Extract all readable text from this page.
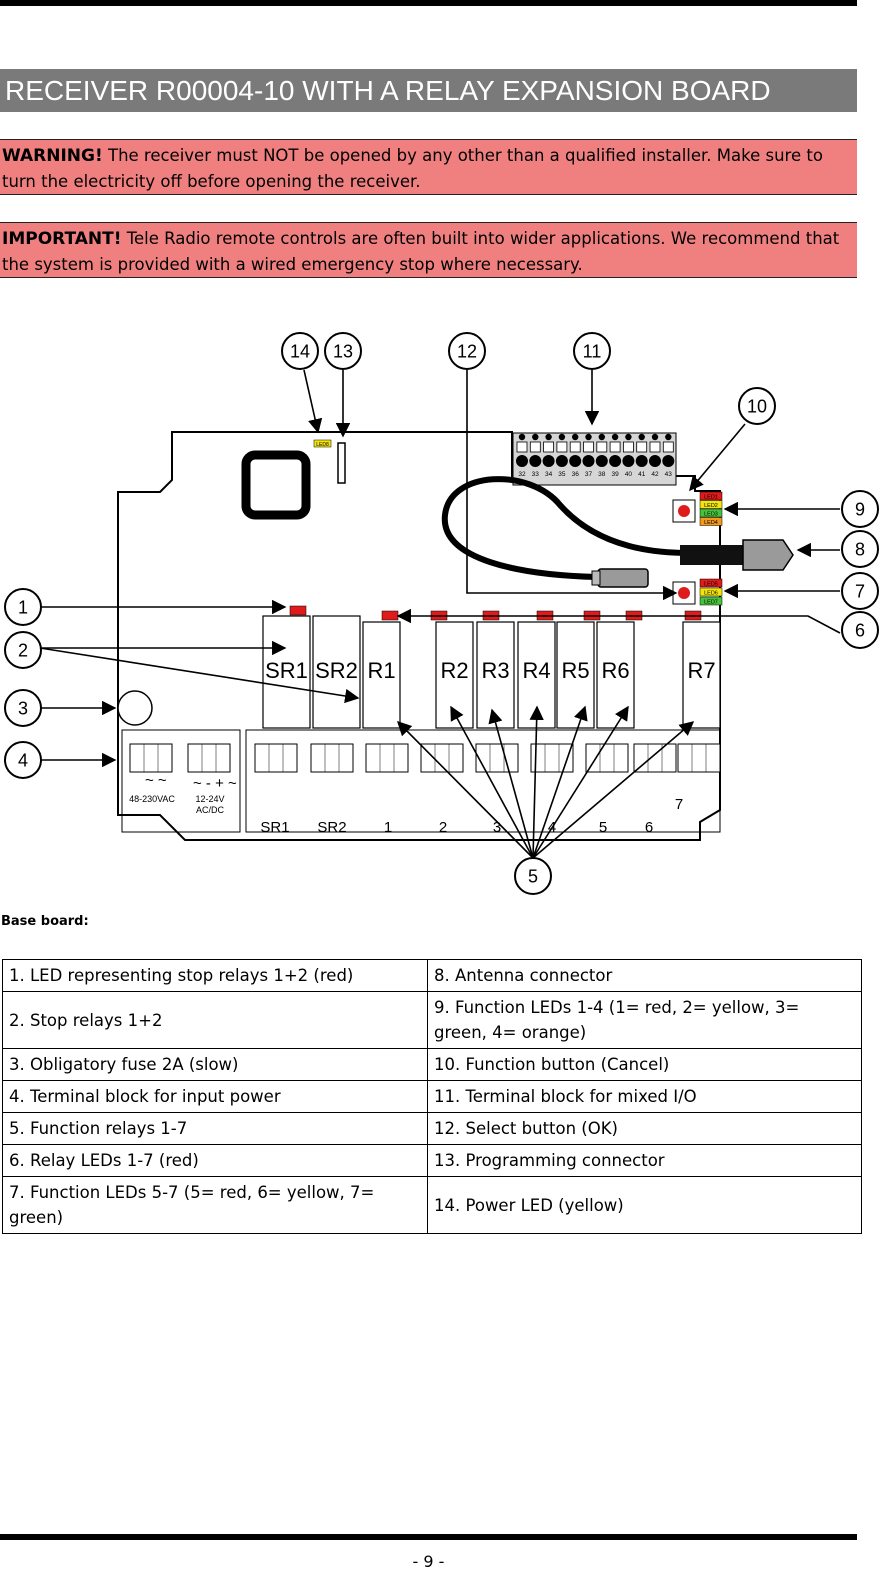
RECEIVER R00004-10 WITH A RELAY EXPANSION BOARD
WARNING! The receiver must NOT be opened by any other than a qualified installer. Make sure to turn the electricity off before opening the receiver.
IMPORTANT! Tele Radio remote controls are often built into wider applications. We recommend that the system is provided with a wired emergency stop where necessary.
LED8
32 33 34 35 36 37 38 39 40 41 42 43
LED1
LED2
LED3
LED4
LED5
LED6
LED7
SR1 SR2 R1 R2 R3 R4 R5 R6	R7
~ ~ ~ - + ~
48-230VAC 12-24V
AC/DC
SR1 SR2 1	2	3	4	5	6
7
1
2
3
4
5
6
7
8
9
10
11
12
13
14
Base board:
1. LED representing stop relays 1+2 (red)	8. Antenna connector
2. Stop relays 1+2	9. Function LEDs 1-4 (1= red, 2= yellow, 3= green, 4= orange)
3. Obligatory fuse 2A (slow)	10. Function button (Cancel)
4. Terminal block for input power	11. Terminal block for mixed I/O
5. Function relays 1-7	12. Select button (OK)
6. Relay LEDs 1-7 (red)	13. Programming connector
7. Function LEDs 5-7 (5= red, 6= yellow, 7= green)	14. Power LED (yellow)
- 9 -
